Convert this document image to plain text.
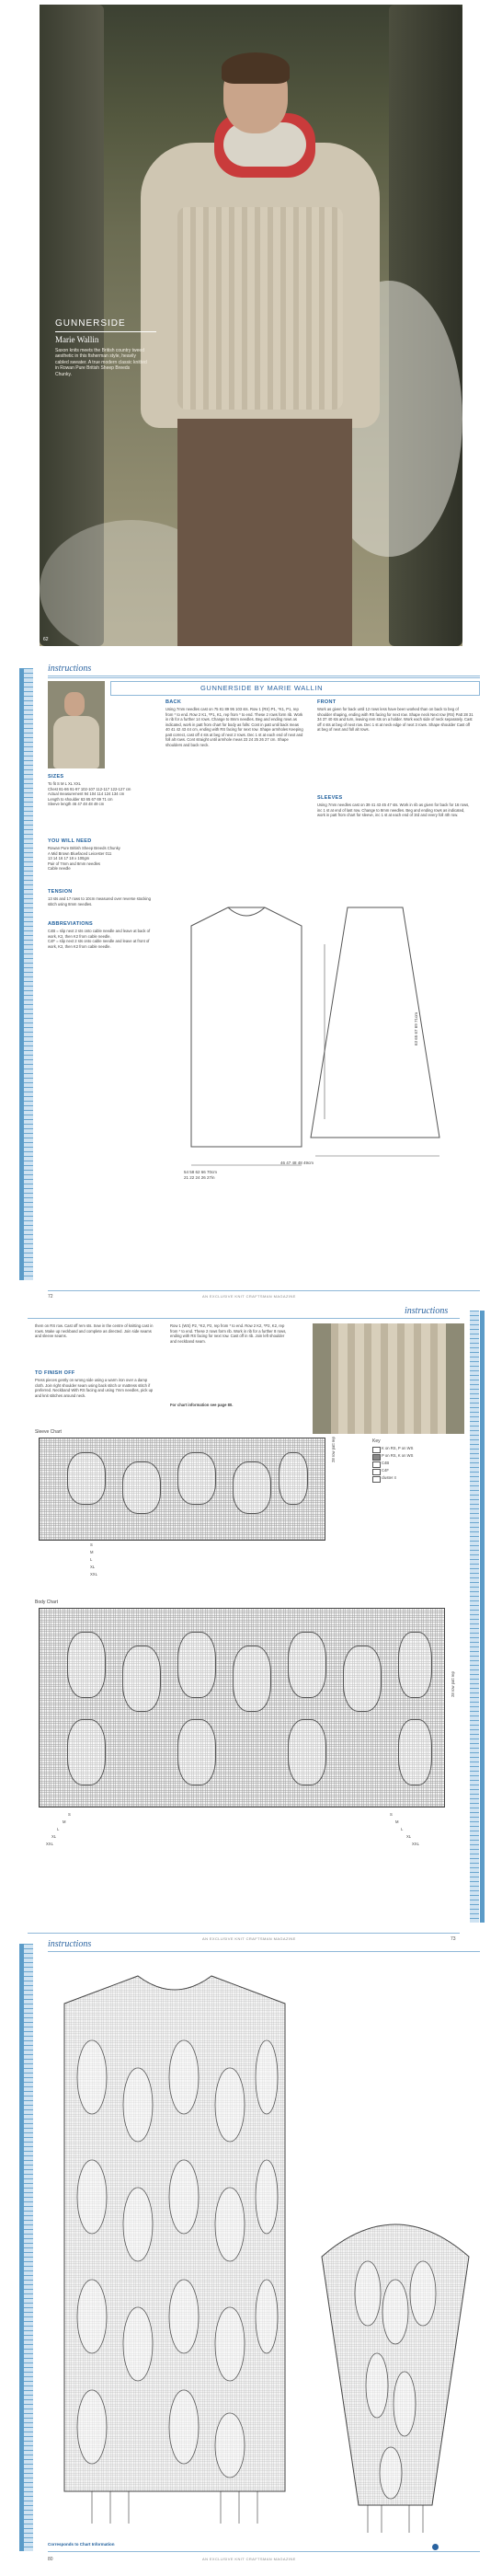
GUNNERSIDE
Marie Wallin
Saxon knits meets the British country tweed aesthetic in this fisherman style, heavily cabled sweater. A true modern classic knitted in Rowan Pure British Sheep Breeds Chunky.
62
instructions
GUNNERSIDE BY MARIE WALLIN
SIZES
To fit S M L XL XXL
Chest 81-86 91-97 102-107 112-117 122-127 cm
Actual measurement 94 104 114 124 134 cm
Length to shoulder 63 65 67 69 71 cm
Sleeve length 46 47 48 48 49 cm
YOU WILL NEED
Rowan Pure British Sheep Breeds Chunky
A Mid Brown Bluefaced Leicester 011
13 14 16 17 18 x 100gm
Pair of 7mm and 8mm needles
Cable needle
TENSION
13 sts and 17 rows to 10cm measured over reverse stocking stitch using 8mm needles.
ABBREVIATIONS
C4B = slip next 2 sts onto cable needle and leave at back of work, K2, then K2 from cable needle.
C4F = slip next 2 sts onto cable needle and leave at front of work, K2, then K2 from cable needle.
BACK
Using 7mm needles cast on 75 81 89 95 103 sts. Row 1 (RS) P1, *K1, P1, rep from * to end. Row 2 K1, *P1, K1, rep from * to end. These 2 rows form rib. Work in rib for a further 14 rows. Change to 8mm needles. Beg and ending rows as indicated, work in patt from chart for body as folls: Cont in patt until back meas 40 41 42 43 44 cm, ending with RS facing for next row. Shape armholes Keeping patt correct, cast off 4 sts at beg of next 2 rows. Dec 1 st at each end of next and foll alt rows. Cont straight until armhole meas 23 24 25 26 27 cm. Shape shoulders and back neck.
FRONT
Work as given for back until 12 rows less have been worked than on back to beg of shoulder shaping, ending with RS facing for next row. Shape neck Next row (RS) Patt 28 31 34 37 40 sts and turn, leaving rem sts on a holder. Work each side of neck separately. Cast off 4 sts at beg of next row. Dec 1 st at neck edge of next 3 rows. Shape shoulder Cast off at beg of next and foll alt rows.
SLEEVES
Using 7mm needles cast on 39 41 43 45 47 sts. Work in rib as given for back for 16 rows, inc 1 st at end of last row. Change to 8mm needles. Beg and ending rows as indicated, work in patt from chart for sleeve, inc 1 st at each end of 3rd and every foll 4th row.
54 58 62 66 70cm
21 22 24 26 27in
46 47 48 48 49cm
63 65 67 69 71cm
72	AN EXCLUSIVE KNIT CRAFTSMAN MAGAZINE
instructions
them on RS row. Cast off rem sts. Sew in the centre of knitting cast in rows. Make up neckband and complete as directed. Join side seams and sleeve seams.
TO FINISH OFF
Press pieces gently on wrong side using a warm iron over a damp cloth. Join right shoulder seam using back stitch or mattress stitch if preferred. Neckband With RS facing and using 7mm needles, pick up and knit stitches around neck.
Row 1 (WS) P2, *K2, P2, rep from * to end. Row 2 K2, *P2, K2, rep from * to end. These 2 rows form rib. Work in rib for a further 8 rows, ending with RS facing for next row. Cast off in rib. Join left shoulder and neckband seam.
For chart information see page 80.
Sleeve Chart
28 row patt rep
S
M
L
XL
XXL
Key
K on RS, P on WS
P on RS, K on WS
C4B
C4F
cluster 4
Body Chart
28 row patt rep
S
M
L
XL
XXL
S
M
L
XL
XXL
AN EXCLUSIVE KNIT CRAFTSMAN MAGAZINE	73
instructions
Corresponds to Chart Information
80	AN EXCLUSIVE KNIT CRAFTSMAN MAGAZINE
